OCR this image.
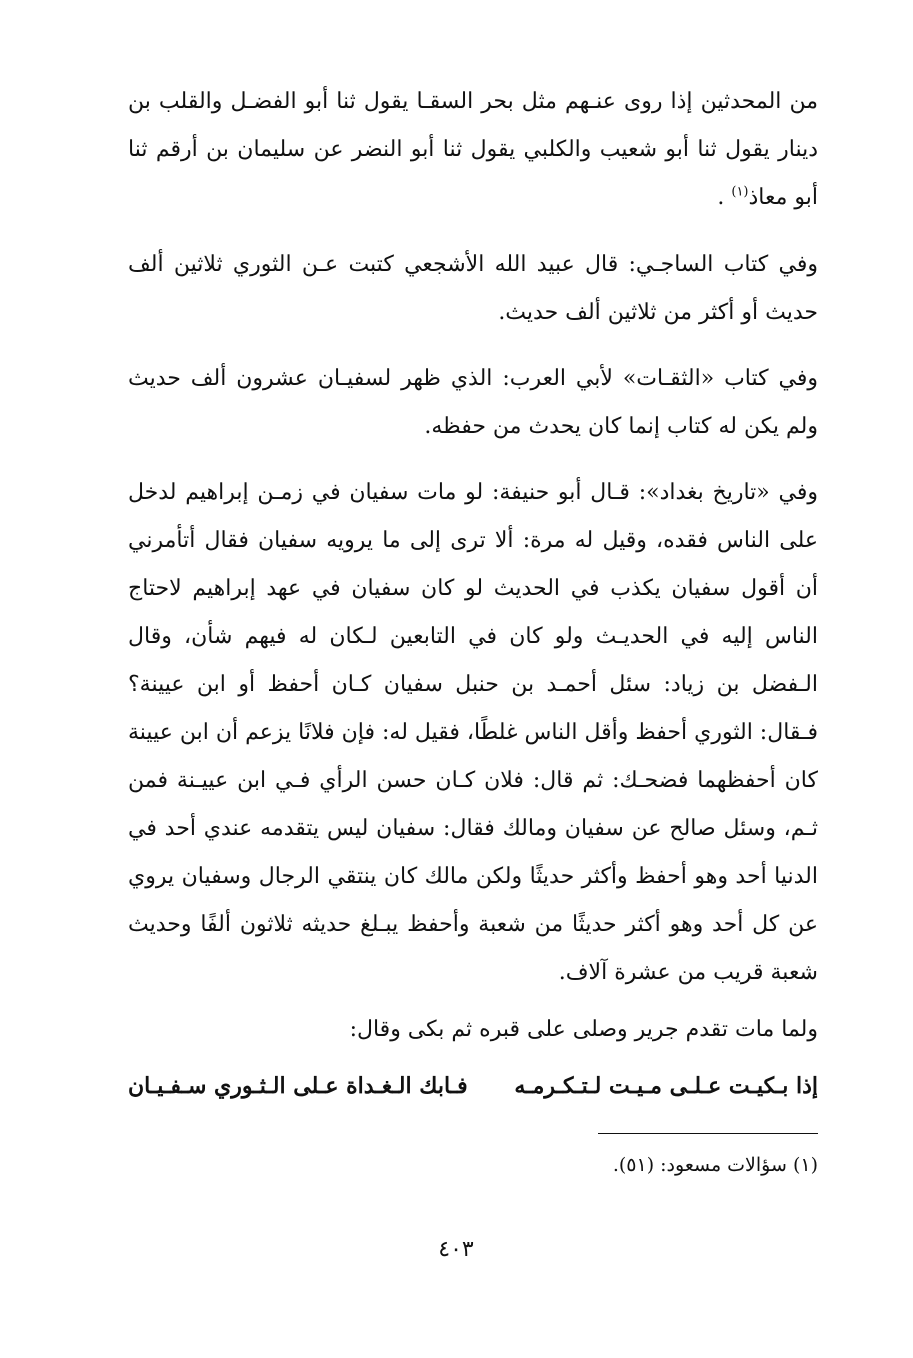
من المحدثين إذا روى عنـهم مثل بحر السقـا يقول ثنا أبو الفضـل والقلب بن دينار يقول ثنا أبو شعيب والكلبي يقول ثنا أبو النضر عن سليمان بن أرقم ثنا أبو معاذ$^{(١)}$ .

وفي كتاب الساجـي: قال عبيد الله الأشجعي كتبت عـن الثوري ثلاثين ألف حديث أو أكثر من ثلاثين ألف حديث.

وفي كتاب «الثقـات» لأبي العرب: الذي ظهر لسفيـان عشرون ألف حديث ولم يكن له كتاب إنما كان يحدث من حفظه.

وفي «تاريخ بغداد»: قـال أبو حنيفة: لو مات سفيان في زمـن إبراهيم لدخل على الناس فقده، وقيل له مرة: ألا ترى إلى ما يرويه سفيان فقال أتأمرني أن أقول سفيان يكذب في الحديث لو كان سفيان في عهد إبراهيم لاحتاج الناس إليه في الحديـث ولو كان في التابعين لـكان له فيهم شأن، وقال الـفضل بن زياد: سئل أحمـد بن حنبل سفيان كـان أحفظ أو ابن عيينة؟ فـقال: الثوري أحفظ وأقل الناس غلطًا، فقيل له: فإن فلانًا يزعم أن ابن عيينة كان أحفظهما فضحـك: ثم قال: فلان كـان حسن الرأي فـي ابن عييـنة فمن ثـم، وسئل صالح عن سفيان ومالك فقال: سفيان ليس يتقدمه عندي أحد في الدنيا أحد وهو أحفظ وأكثر حديثًا ولكن مالك كان ينتقي الرجال وسفيان يروي عن كل أحد وهو أكثر حديثًا من شعبة وأحفظ يبـلغ حديثه ثلاثون ألفًا وحديث شعبة قريب من عشرة آلاف.

ولما مات تقدم جرير وصلى على قبره ثم بكى وقال:

إذا بـكيـت عـلـى مـيـت لـتـكـرمـه
فـابك الـغـداة عـلى الـثـوري سـفـيـان
(١) سؤالات مسعود: (٥١).
٤٠٣
